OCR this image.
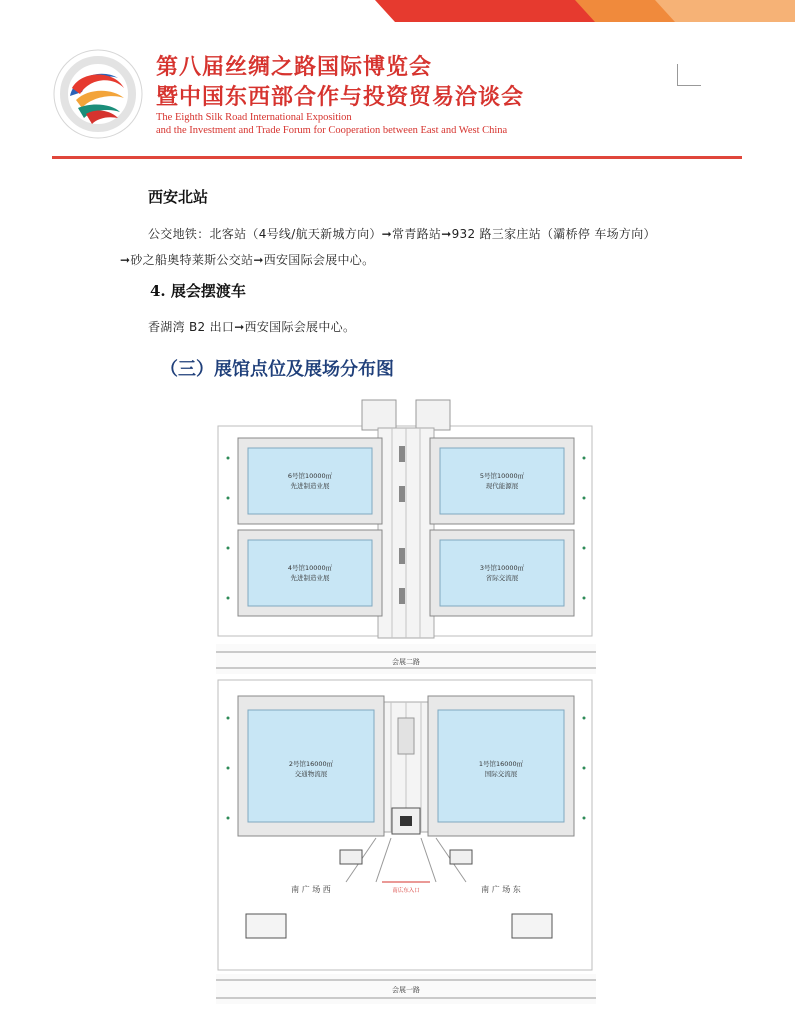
第八届丝绸之路国际博览会
暨中国东西部合作与投资贸易洽谈会
The Eighth Silk Road International Exposition
and the Investment and Trade Forum for Cooperation between East and West China
西安北站
公交地铁：北客站（4号线/航天新城方向）➞常青路站➞932 路三家庄站（灞桥停 车场方向）
➞砂之船奥特莱斯公交站➞西安国际会展中心。
4. 展会摆渡车
香湖湾 B2 出口➞西安国际会展中心。
（三）展馆点位及展场分布图
6号馆10000㎡
先进制造业展
5号馆10000㎡
现代能源展
4号馆10000㎡
先进制造业展
3号馆10000㎡
省际交流展
会展二路
2号馆16000㎡
交通物流展
1号馆16000㎡
国际交流展
南広东入口
南 广 场 西	南 广 场 东
会展一路
